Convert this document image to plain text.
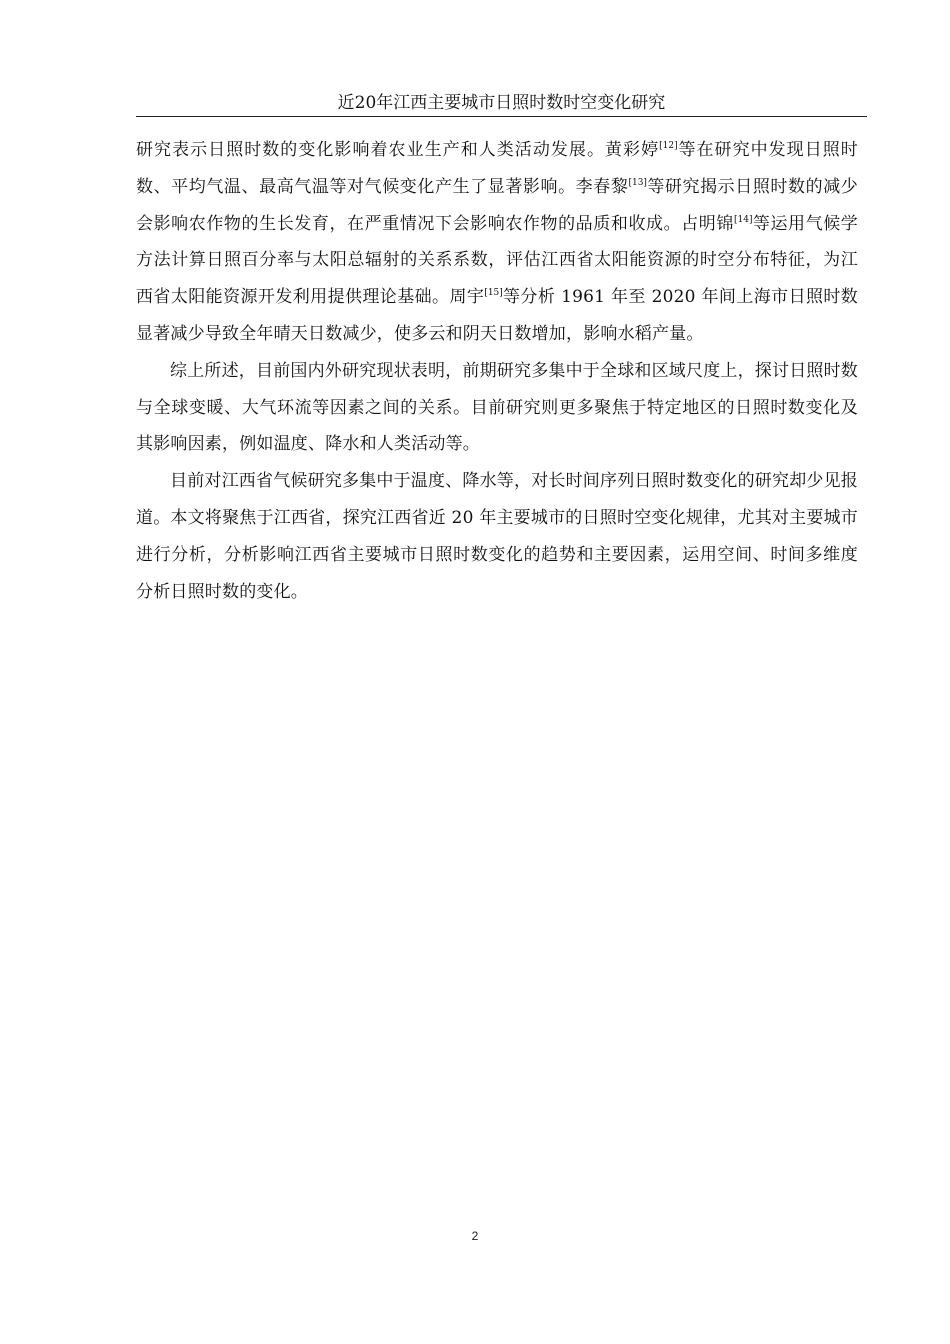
近20年江西主要城市日照时数时空变化研究

研究表示日照时数的变化影响着农业生产和人类活动发展。黄彩婷[12]等在研究中发现日照时数、平均气温、最高气温等对气候变化产生了显著影响。李春黎[13]等研究揭示日照时数的减少会影响农作物的生长发育，在严重情况下会影响农作物的品质和收成。占明锦[14]等运用气候学方法计算日照百分率与太阳总辐射的关系系数，评估江西省太阳能资源的时空分布特征，为江西省太阳能资源开发利用提供理论基础。周宇[15]等分析 1961 年至 2020 年间上海市日照时数显著减少导致全年晴天日数减少，使多云和阴天日数增加，影响水稻产量。

综上所述，目前国内外研究现状表明，前期研究多集中于全球和区域尺度上，探讨日照时数与全球变暖、大气环流等因素之间的关系。目前研究则更多聚焦于特定地区的日照时数变化及其影响因素，例如温度、降水和人类活动等。

目前对江西省气候研究多集中于温度、降水等，对长时间序列日照时数变化的研究却少见报道。本文将聚焦于江西省，探究江西省近 20 年主要城市的日照时空变化规律，尤其对主要城市进行分析，分析影响江西省主要城市日照时数变化的趋势和主要因素，运用空间、时间多维度分析日照时数的变化。

2
